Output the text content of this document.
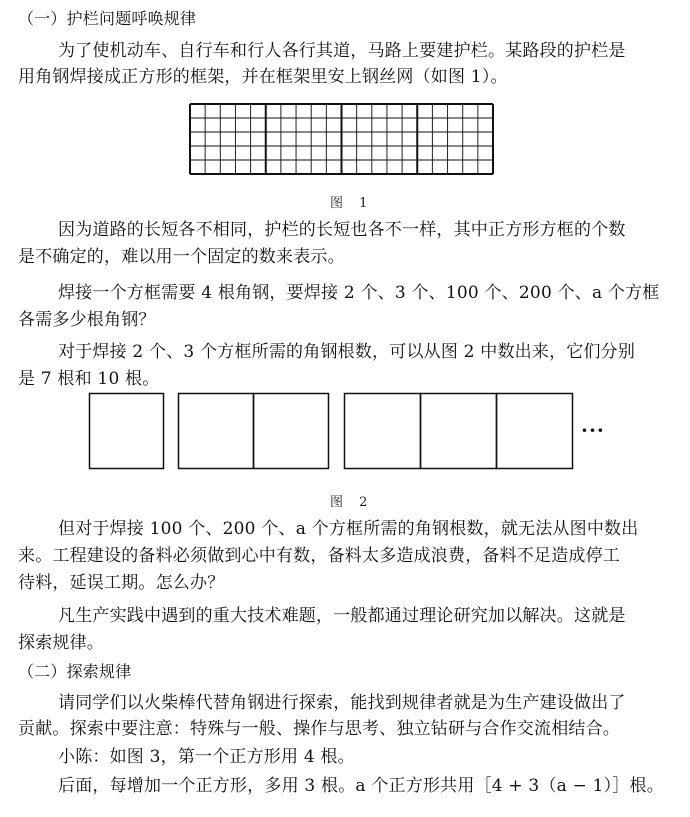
（一）护栏问题呼唤规律
为了使机动车、自行车和行人各行其道，马路上要建护栏。某路段的护栏是
用角钢焊接成正方形的框架，并在框架里安上钢丝网（如图 1）。
图 1
因为道路的长短各不相同，护栏的长短也各不一样，其中正方形方框的个数
是不确定的，难以用一个固定的数来表示。
焊接一个方框需要 4 根角钢，要焊接 2 个、3 个、100 个、200 个、a 个方框
各需多少根角钢？
对于焊接 2 个、3 个方框所需的角钢根数，可以从图 2 中数出来，它们分别
是 7 根和 10 根。
···
图 2
但对于焊接 100 个、200 个、a 个方框所需的角钢根数，就无法从图中数出
来。工程建设的备料必须做到心中有数，备料太多造成浪费，备料不足造成停工
待料，延误工期。怎么办？
凡生产实践中遇到的重大技术难题，一般都通过理论研究加以解决。这就是
探索规律。
（二）探索规律
请同学们以火柴棒代替角钢进行探索，能找到规律者就是为生产建设做出了
贡献。探索中要注意：特殊与一般、操作与思考、独立钻研与合作交流相结合。
小陈：如图 3，第一个正方形用 4 根。
后面，每增加一个正方形，多用 3 根。a 个正方形共用［4 + 3（a − 1）］根。
